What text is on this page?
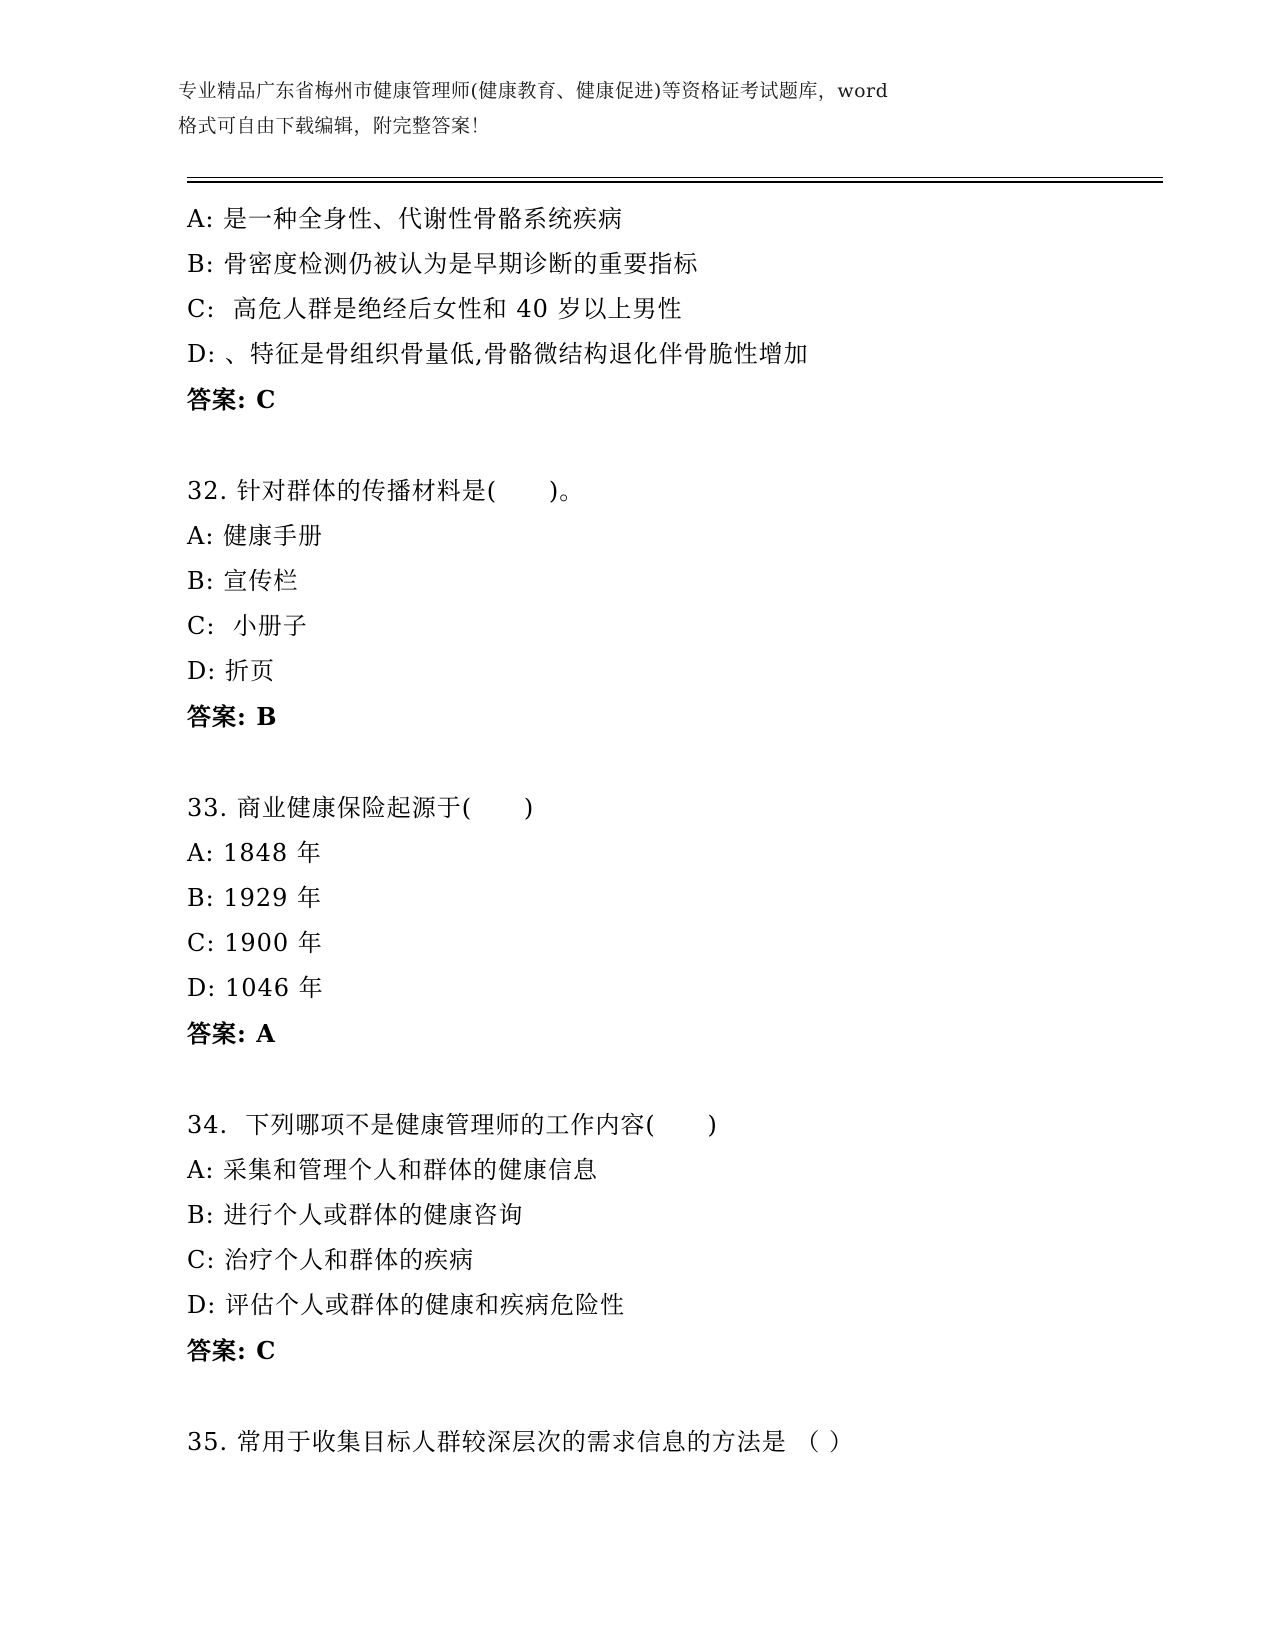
专业精品广东省梅州市健康管理师(健康教育、健康促进)等资格证考试题库，word
格式可自由下载编辑，附完整答案！

A: 是一种全身性、代谢性骨骼系统疾病

B: 骨密度检测仍被认为是早期诊断的重要指标

C:  高危人群是绝经后女性和 40 岁以上男性

D: 、特征是骨组织骨量低,骨骼微结构退化伴骨脆性增加

答案: C

32. 针对群体的传播材料是(      )。

A: 健康手册

B: 宣传栏

C:  小册子

D: 折页

答案: B

33. 商业健康保险起源于(      )

A: 1848 年

B: 1929 年

C: 1900 年

D: 1046 年

答案: A

34.  下列哪项不是健康管理师的工作内容(      )

A: 采集和管理个人和群体的健康信息

B: 进行个人或群体的健康咨询

C: 治疗个人和群体的疾病

D: 评估个人或群体的健康和疾病危险性

答案: C

35. 常用于收集目标人群较深层次的需求信息的方法是 （ ）
